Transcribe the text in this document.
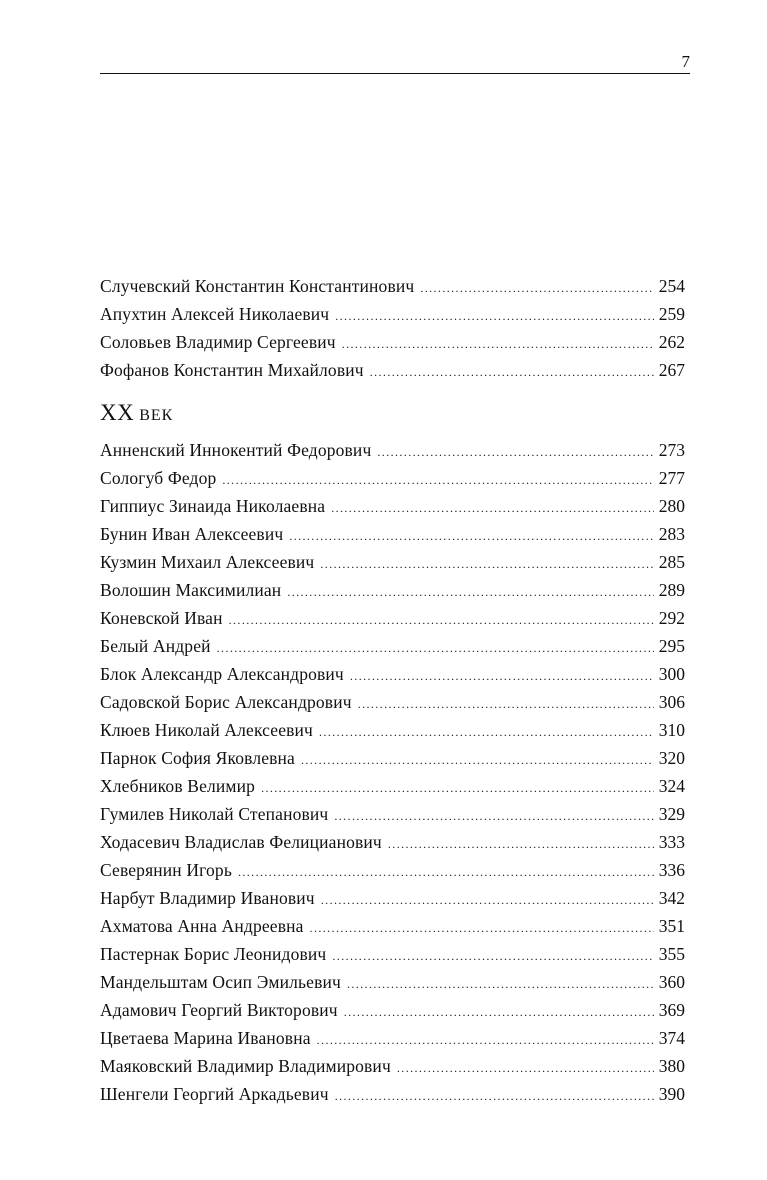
7
Случевский Константин Константинович .....	254
Апухтин Алексей Николаевич .....	259
Соловьев Владимир Сергеевич .....	262
Фофанов Константин Михайлович .....	267
XX ВЕК
Анненский Иннокентий Федорович .....	273
Сологуб Федор .....	277
Гиппиус Зинаида Николаевна .....	280
Бунин Иван Алексеевич .....	283
Кузмин Михаил Алексеевич .....	285
Волошин Максимилиан .....	289
Коневской Иван .....	292
Белый Андрей .....	295
Блок Александр Александрович .....	300
Садовской Борис Александрович .....	306
Клюев Николай Алексеевич .....	310
Парнок София Яковлевна .....	320
Хлебников Велимир .....	324
Гумилев Николай Степанович .....	329
Ходасевич Владислав Фелицианович .....	333
Северянин Игорь .....	336
Нарбут Владимир Иванович .....	342
Ахматова Анна Андреевна .....	351
Пастернак Борис Леонидович .....	355
Мандельштам Осип Эмильевич .....	360
Адамович Георгий Викторович .....	369
Цветаева Марина Ивановна .....	374
Маяковский Владимир Владимирович .....	380
Шенгели Георгий Аркадьевич .....	390
